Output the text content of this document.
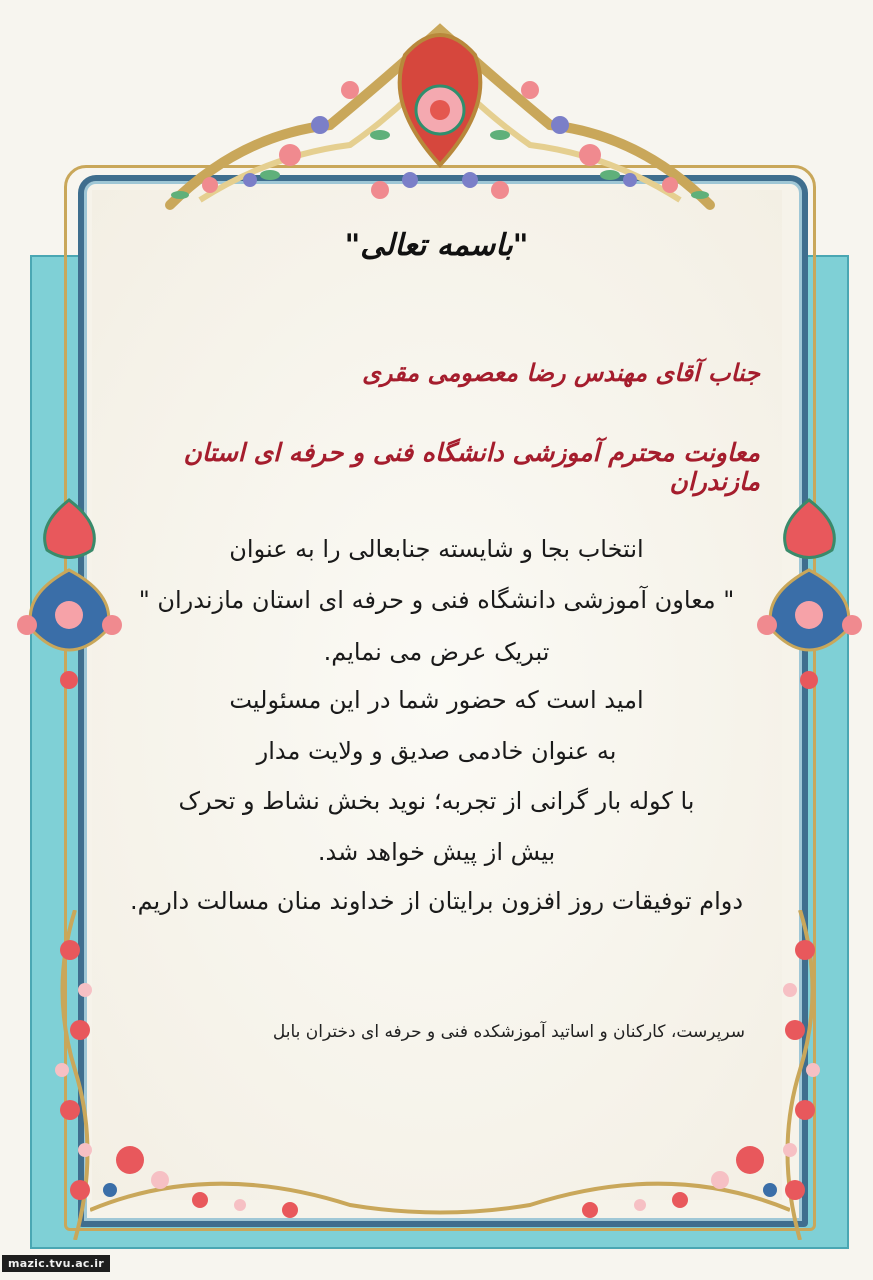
"باسمه تعالی"
جناب آقای مهندس رضا معصومی مقری
معاونت محترم آموزشی دانشگاه فنی و حرفه ای استان مازندران
انتخاب بجا و شایسته جنابعالی را به عنوان
" معاون آموزشی دانشگاه فنی و حرفه ای استان مازندران "
تبریک عرض می نمایم.
امید است که حضور شما در این مسئولیت
به عنوان خادمی صدیق و ولایت مدار
با کوله بار گرانی از تجربه؛ نوید بخش نشاط و تحرک
بیش از پیش خواهد شد.
دوام توفیقات روز افزون برایتان از خداوند منان مسالت داریم.
سرپرست، کارکنان و اساتید آموزشکده فنی و حرفه ای دختران بابل
mazic.tvu.ac.ir
